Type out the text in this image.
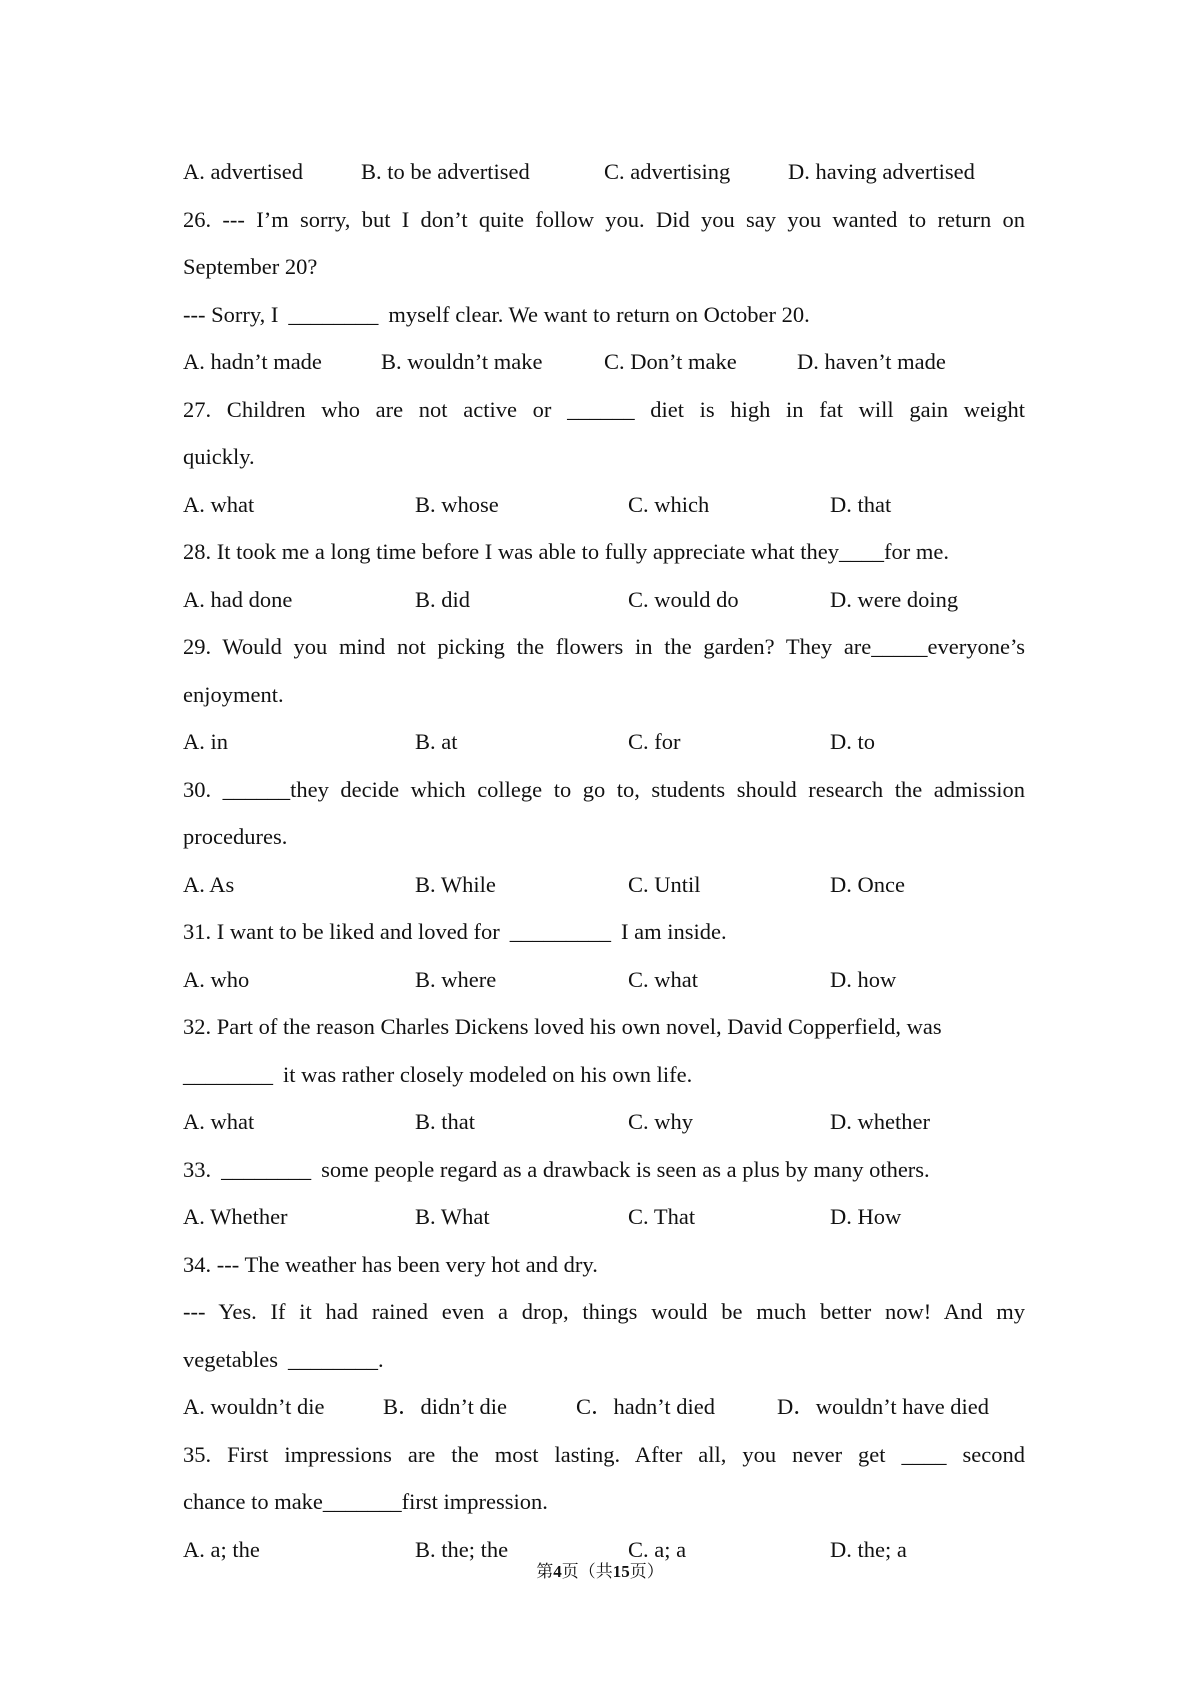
A. advertised	B. to be advertised	C. advertising	D. having advertised
26. --- I’m sorry, but I don’t quite follow you. Did you say you wanted to return on
September 20?
--- Sorry, I ________ myself clear. We want to return on October 20.
A. hadn’t made	B. wouldn’t make	C. Don’t make	D. haven’t made
27. Children who are not active or ______ diet is high in fat will gain weight
quickly.
A. what	B. whose	C. which	D. that
28. It took me a long time before I was able to fully appreciate what they____for me.
A. had done	B. did	C. would do	D. were doing
29. Would you mind not picking the flowers in the garden? They are_____everyone’s
enjoyment.
A. in	B. at	C. for	D. to
30. ______they decide which college to go to, students should research the admission
procedures.
A. As	B. While	C. Until	D. Once
31. I want to be liked and loved for _________ I am inside.
A. who	B. where	C. what	D. how
32. Part of the reason Charles Dickens loved his own novel, David Copperfield, was
________ it was rather closely modeled on his own life.
A. what	B. that	C. why	D. whether
33. ________ some people regard as a drawback is seen as a plus by many others.
A. Whether	B. What	C. That	D. How
34. --- The weather has been very hot and dry.
--- Yes. If it had rained even a drop, things would be much better now! And my
vegetables ________.
A. wouldn’t die	B．didn’t die	C．hadn’t died	D．wouldn’t have died
35. First impressions are the most lasting. After all, you never get ____ second
chance to make_______first impression.
A. a; the	B. the; the	C. a; a	D. the; a
第4页（共15页）
